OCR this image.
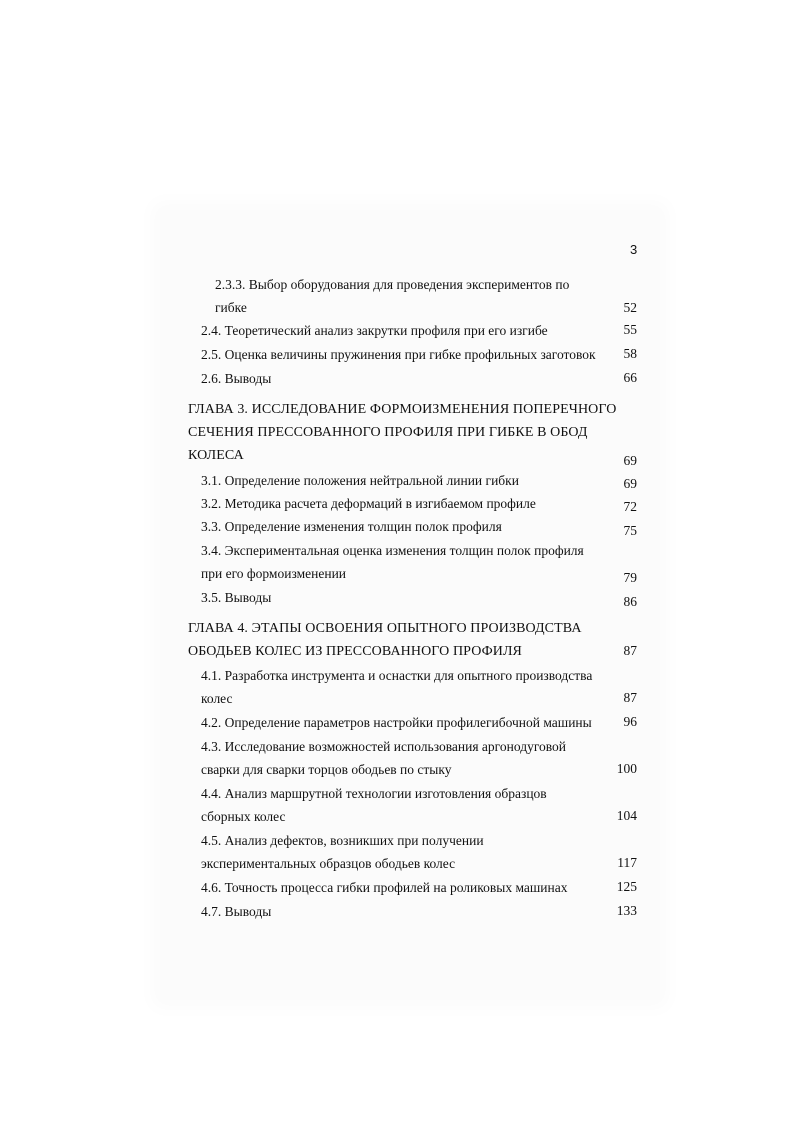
3
2.3.3. Выбор оборудования для проведения экспериментов по
гибке	52
2.4. Теоретический анализ закрутки профиля при его изгибе	55
2.5. Оценка величины пружинения при гибке профильных заготовок	58
2.6. Выводы	66
ГЛАВА 3. ИССЛЕДОВАНИЕ ФОРМОИЗМЕНЕНИЯ ПОПЕРЕЧНОГО
СЕЧЕНИЯ ПРЕССОВАННОГО ПРОФИЛЯ ПРИ ГИБКЕ В ОБОД
КОЛЕСА	69
3.1. Определение положения нейтральной линии гибки	69
3.2. Методика расчета деформаций в изгибаемом профиле	72
3.3. Определение изменения толщин полок профиля	75
3.4. Экспериментальная оценка изменения толщин полок профиля
при его формоизменении	79
3.5. Выводы	86
ГЛАВА 4. ЭТАПЫ ОСВОЕНИЯ ОПЫТНОГО ПРОИЗВОДСТВА
ОБОДЬЕВ КОЛЕС ИЗ ПРЕССОВАННОГО ПРОФИЛЯ	87
4.1. Разработка инструмента и оснастки для опытного производства
колес	87
4.2. Определение параметров настройки профилегибочной машины	96
4.3. Исследование возможностей использования аргонодуговой
сварки для сварки торцов ободьев по стыку	100
4.4. Анализ маршрутной технологии изготовления образцов
сборных колес	104
4.5. Анализ дефектов, возникших при получении
экспериментальных образцов ободьев колес	117
4.6. Точность процесса гибки профилей на роликовых машинах	125
4.7. Выводы	133
